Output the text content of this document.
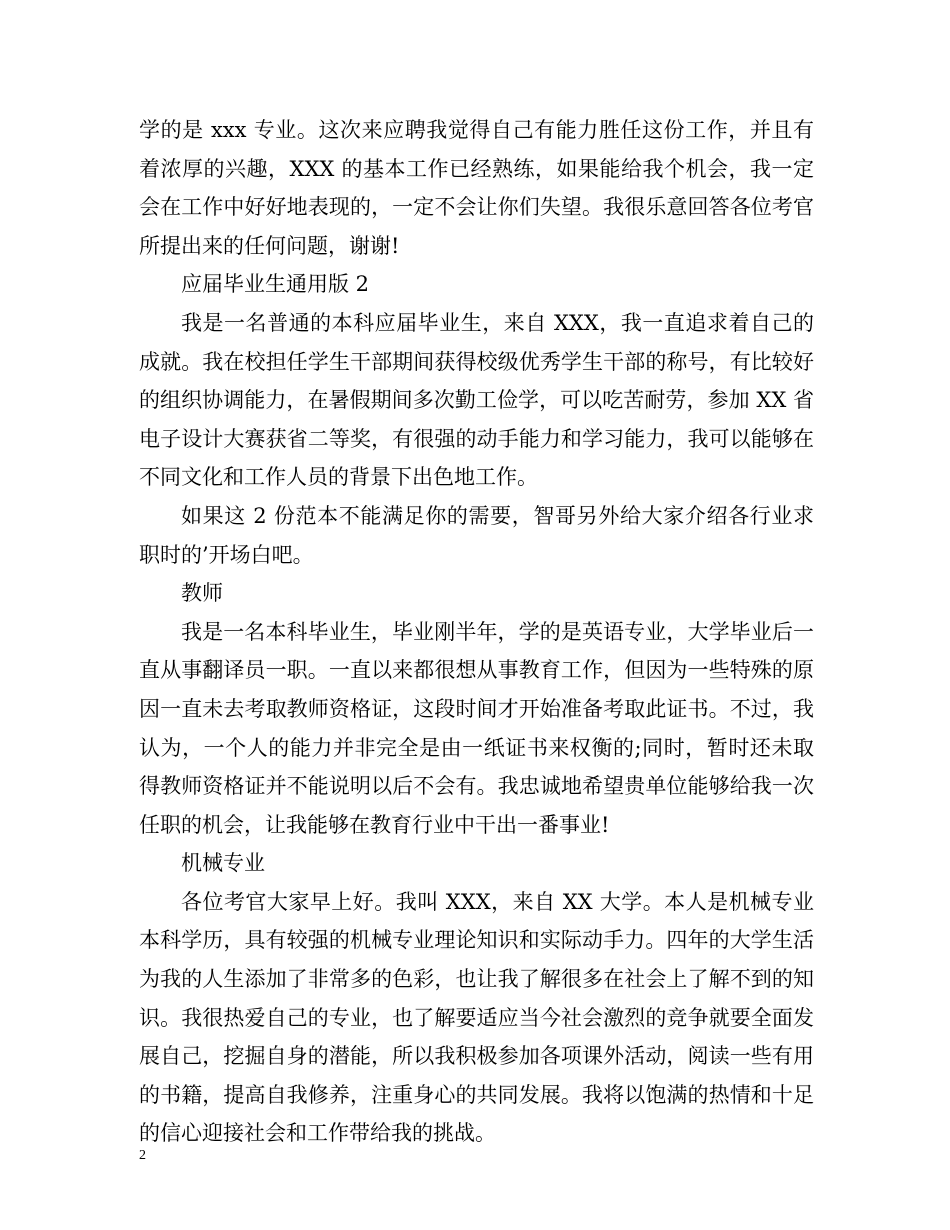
学的是 xxx 专业。这次来应聘我觉得自己有能力胜任这份工作，并且有着浓厚的兴趣，XXX 的基本工作已经熟练，如果能给我个机会，我一定会在工作中好好地表现的，一定不会让你们失望。我很乐意回答各位考官所提出来的任何问题，谢谢!

应届毕业生通用版 2

我是一名普通的本科应届毕业生，来自 XXX，我一直追求着自己的成就。我在校担任学生干部期间获得校级优秀学生干部的称号，有比较好的组织协调能力，在暑假期间多次勤工俭学，可以吃苦耐劳，参加 XX 省电子设计大赛获省二等奖，有很强的动手能力和学习能力，我可以能够在不同文化和工作人员的背景下出色地工作。

如果这 2 份范本不能满足你的需要，智哥另外给大家介绍各行业求职时的’开场白吧。

教师

我是一名本科毕业生，毕业刚半年，学的是英语专业，大学毕业后一直从事翻译员一职。一直以来都很想从事教育工作，但因为一些特殊的原因一直未去考取教师资格证，这段时间才开始准备考取此证书。不过，我认为，一个人的能力并非完全是由一纸证书来权衡的;同时，暂时还未取得教师资格证并不能说明以后不会有。我忠诚地希望贵单位能够给我一次任职的机会，让我能够在教育行业中干出一番事业!

机械专业

各位考官大家早上好。我叫 XXX，来自 XX 大学。本人是机械专业本科学历，具有较强的机械专业理论知识和实际动手力。四年的大学生活为我的人生添加了非常多的色彩，也让我了解很多在社会上了解不到的知识。我很热爱自己的专业，也了解要适应当今社会激烈的竞争就要全面发展自己，挖掘自身的潜能，所以我积极参加各项课外活动，阅读一些有用的书籍，提高自我修养，注重身心的共同发展。我将以饱满的热情和十足的信心迎接社会和工作带给我的挑战。

2
